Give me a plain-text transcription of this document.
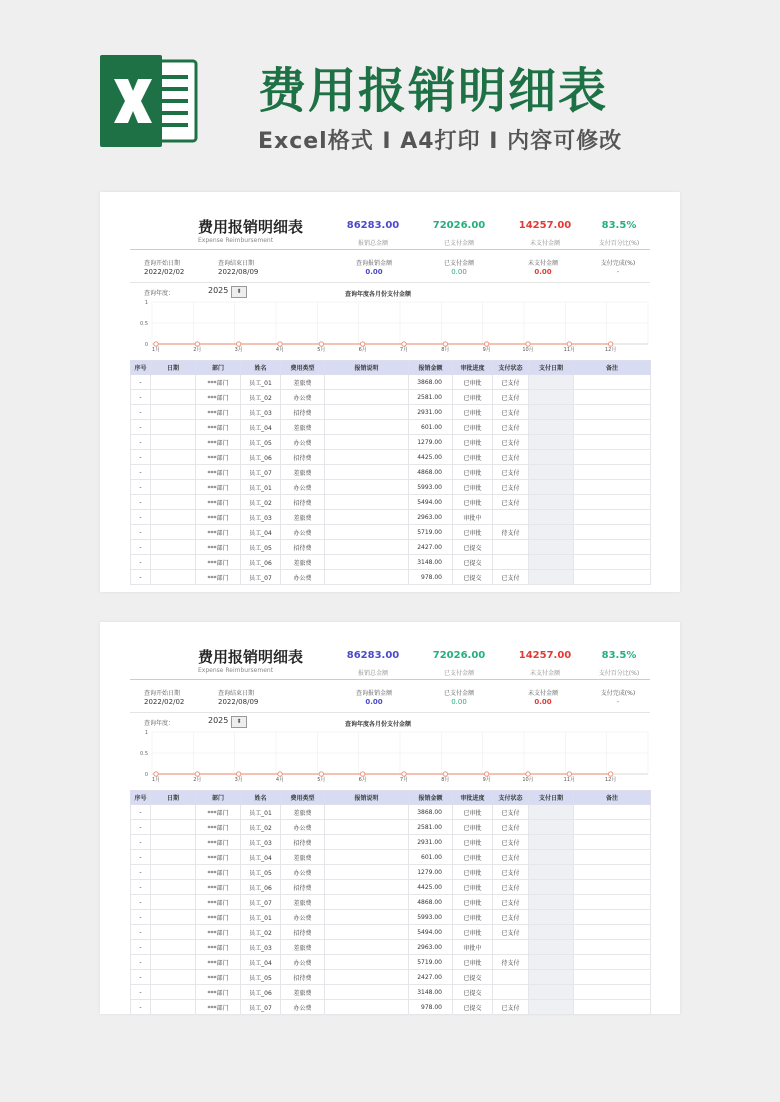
费用报销明细表
Excel格式 I A4打印 I 内容可修改
费用报销明细表
Expense Reimbursement
86283.00
报销总金额
72026.00
已支付金额
14257.00
未支付金额
83.5%
支付百分比(%)
查询开始日期
2022/02/02
查询结束日期
2022/08/09
查询报销金额
0.00
已支付金额
0.00
未支付金额
0.00
支付完成(%)
-
查询年度：	2025	⬍	查询年度各月份支付金额
1
0.5
0
1月	2月	3月	4月	5月	6月	7月	8月	9月	10月	11月	12月
序号	日期	部门	姓名	费用类型	报销说明	报销金额	审批进度	支付状态	支付日期	备注
-		***部门	员工_01	差旅费		3868.00	已审批	已支付		
-		***部门	员工_02	办公费		2581.00	已审批	已支付		
-		***部门	员工_03	招待费		2931.00	已审批	已支付		
-		***部门	员工_04	差旅费		601.00	已审批	已支付		
-		***部门	员工_05	办公费		1279.00	已审批	已支付		
-		***部门	员工_06	招待费		4425.00	已审批	已支付		
-		***部门	员工_07	差旅费		4868.00	已审批	已支付		
-		***部门	员工_01	办公费		5993.00	已审批	已支付		
-		***部门	员工_02	招待费		5494.00	已审批	已支付		
-		***部门	员工_03	差旅费		2963.00	审批中			
-		***部门	员工_04	办公费		5719.00	已审批	待支付		
-		***部门	员工_05	招待费		2427.00	已提交			
-		***部门	员工_06	差旅费		3148.00	已提交			
-		***部门	员工_07	办公费		978.00	已提交	已支付		
费用报销明细表
Expense Reimbursement
86283.00
报销总金额
72026.00
已支付金额
14257.00
未支付金额
83.5%
支付百分比(%)
查询开始日期
2022/02/02
查询结束日期
2022/08/09
查询报销金额
0.00
已支付金额
0.00
未支付金额
0.00
支付完成(%)
-
查询年度：	2025	⬍	查询年度各月份支付金额
1
0.5
0
1月	2月	3月	4月	5月	6月	7月	8月	9月	10月	11月	12月
序号	日期	部门	姓名	费用类型	报销说明	报销金额	审批进度	支付状态	支付日期	备注
-		***部门	员工_01	差旅费		3868.00	已审批	已支付		
-		***部门	员工_02	办公费		2581.00	已审批	已支付		
-		***部门	员工_03	招待费		2931.00	已审批	已支付		
-		***部门	员工_04	差旅费		601.00	已审批	已支付		
-		***部门	员工_05	办公费		1279.00	已审批	已支付		
-		***部门	员工_06	招待费		4425.00	已审批	已支付		
-		***部门	员工_07	差旅费		4868.00	已审批	已支付		
-		***部门	员工_01	办公费		5993.00	已审批	已支付		
-		***部门	员工_02	招待费		5494.00	已审批	已支付		
-		***部门	员工_03	差旅费		2963.00	审批中			
-		***部门	员工_04	办公费		5719.00	已审批	待支付		
-		***部门	员工_05	招待费		2427.00	已提交			
-		***部门	员工_06	差旅费		3148.00	已提交			
-		***部门	员工_07	办公费		978.00	已提交	已支付		
